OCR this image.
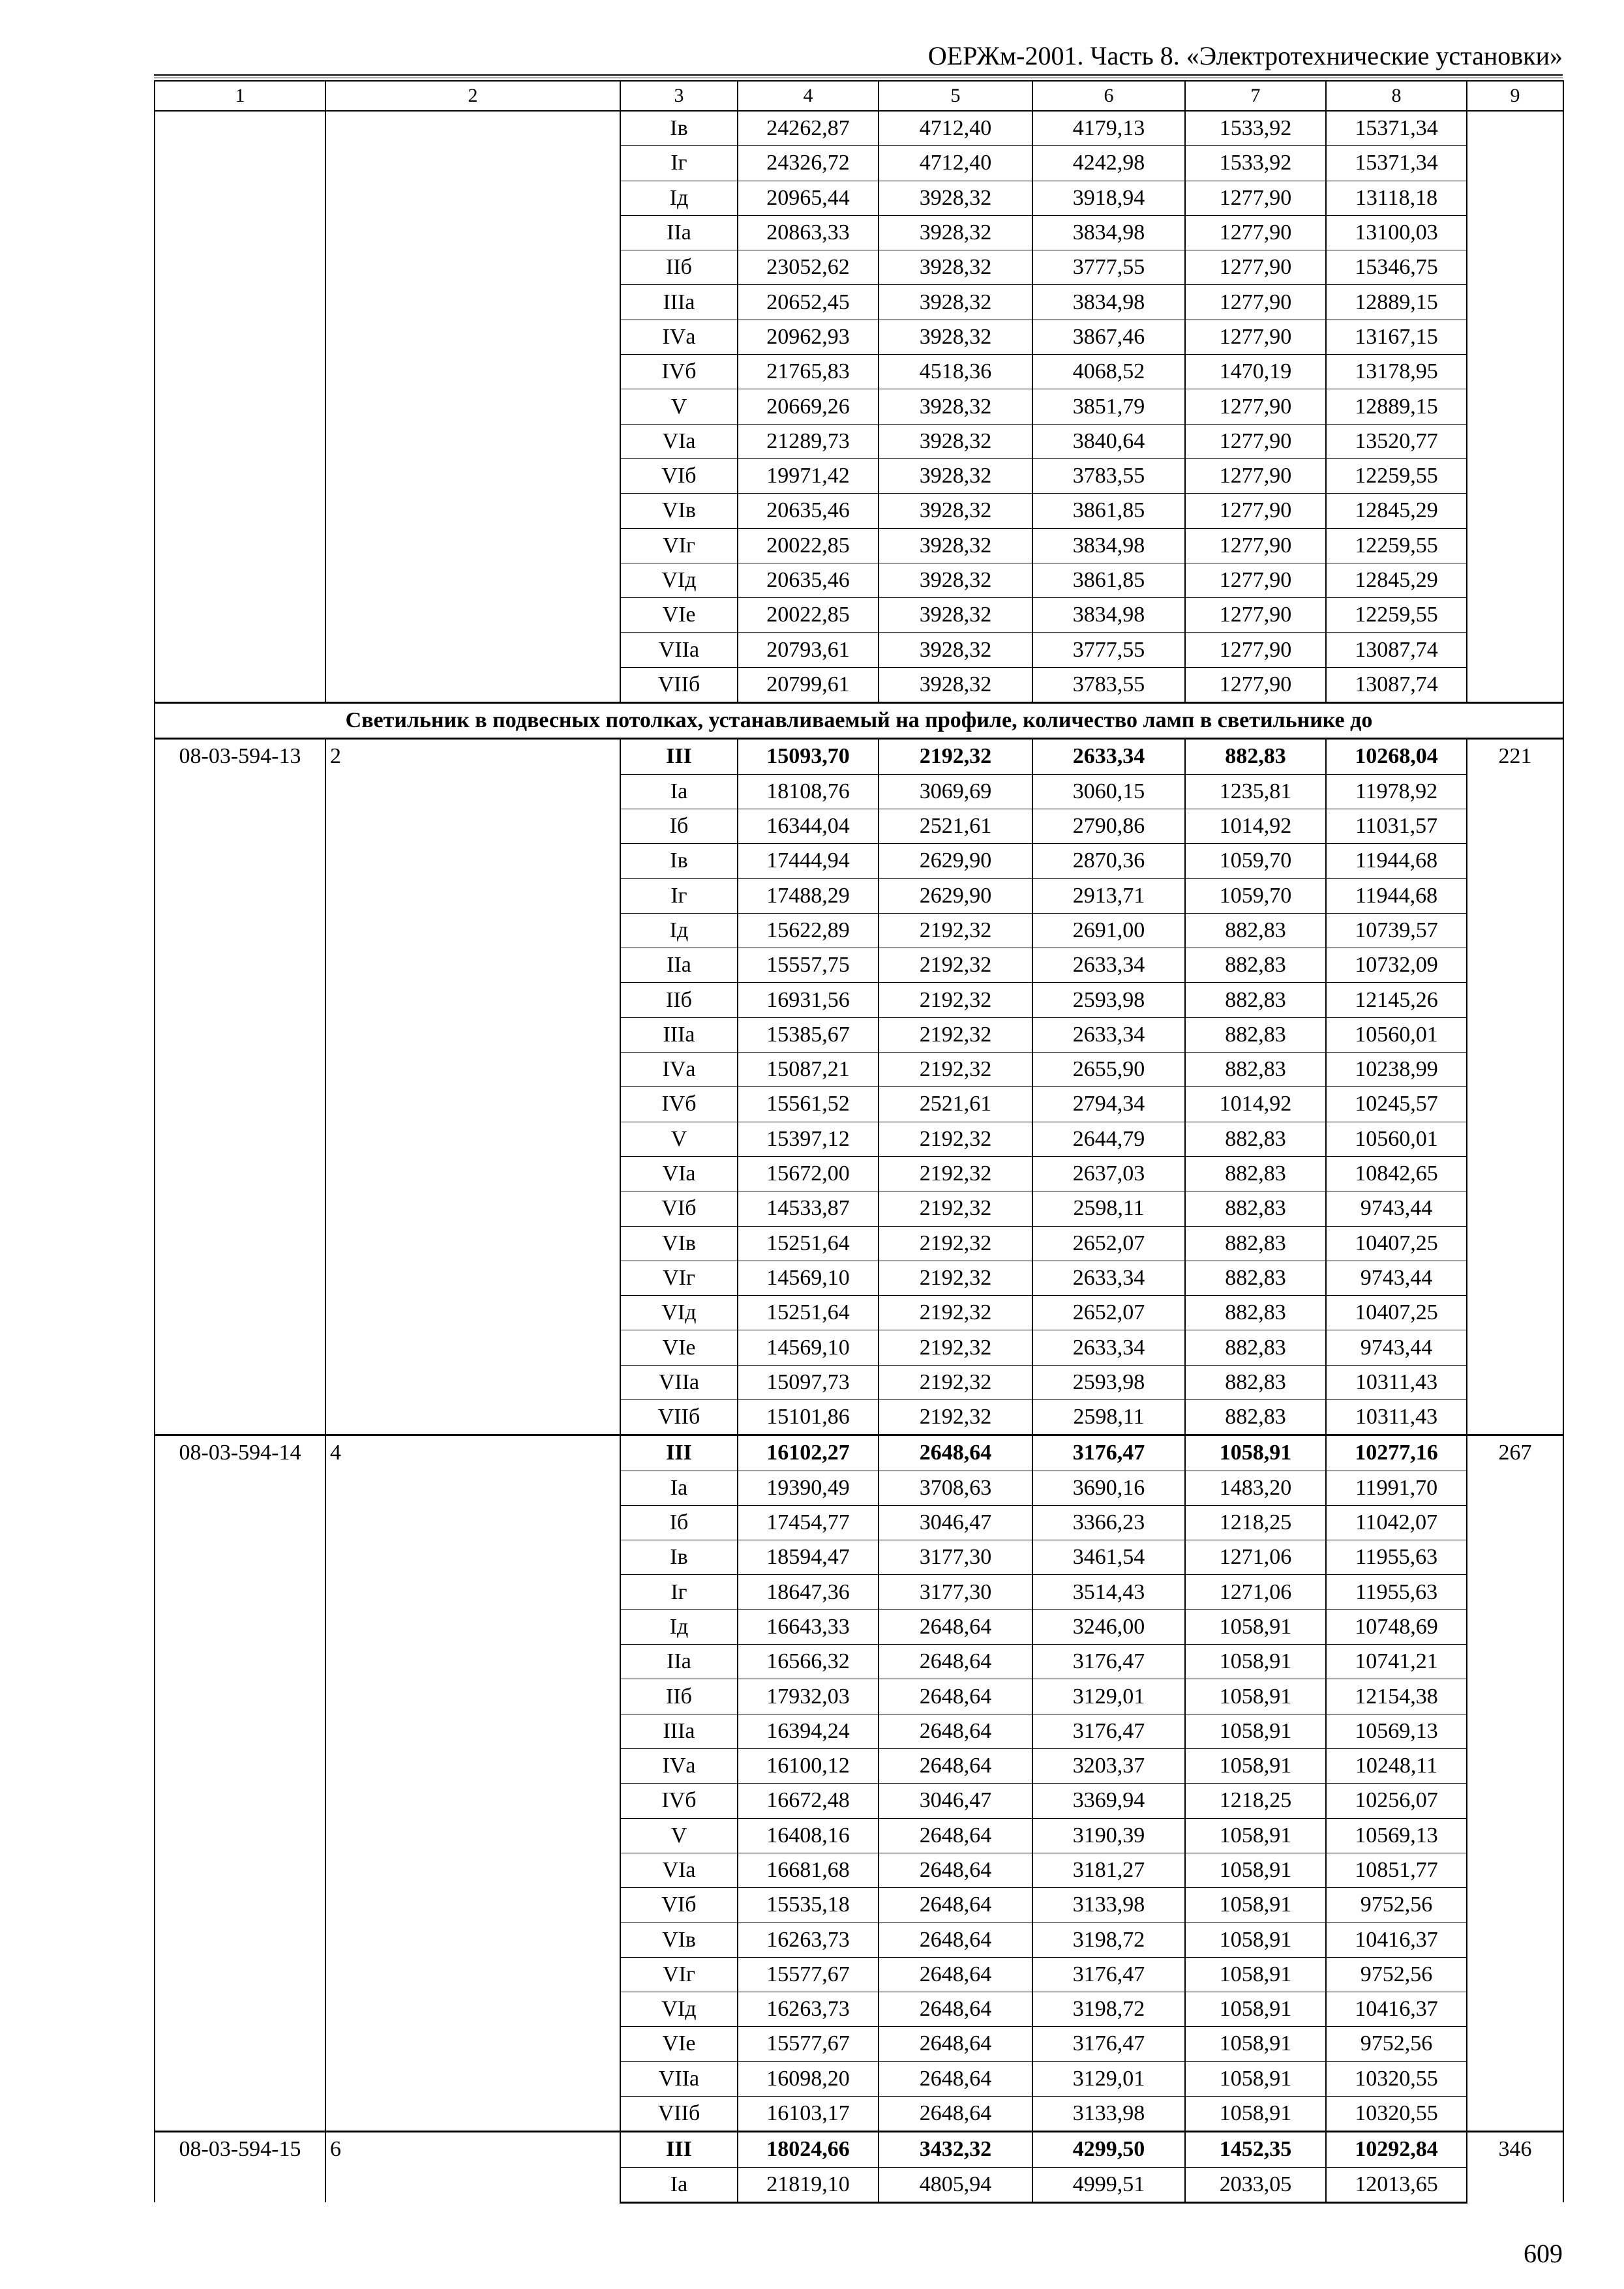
ОЕРЖм-2001. Часть 8. «Электротехнические установки»
1	2	3	4	5	6	7	8	9
		Iв	24262,87	4712,40	4179,13	1533,92	15371,34	
		Iг	24326,72	4712,40	4242,98	1533,92	15371,34	
		Iд	20965,44	3928,32	3918,94	1277,90	13118,18	
		IIа	20863,33	3928,32	3834,98	1277,90	13100,03	
		IIб	23052,62	3928,32	3777,55	1277,90	15346,75	
		IIIа	20652,45	3928,32	3834,98	1277,90	12889,15	
		IVа	20962,93	3928,32	3867,46	1277,90	13167,15	
		IVб	21765,83	4518,36	4068,52	1470,19	13178,95	
		V	20669,26	3928,32	3851,79	1277,90	12889,15	
		VIа	21289,73	3928,32	3840,64	1277,90	13520,77	
		VIб	19971,42	3928,32	3783,55	1277,90	12259,55	
		VIв	20635,46	3928,32	3861,85	1277,90	12845,29	
		VIг	20022,85	3928,32	3834,98	1277,90	12259,55	
		VIд	20635,46	3928,32	3861,85	1277,90	12845,29	
		VIе	20022,85	3928,32	3834,98	1277,90	12259,55	
		VIIа	20793,61	3928,32	3777,55	1277,90	13087,74	
		VIIб	20799,61	3928,32	3783,55	1277,90	13087,74	
Светильник в подвесных потолках, устанавливаемый на профиле, количество ламп в светильнике до								
08-03-594-13	2	III	15093,70	2192,32	2633,34	882,83	10268,04	221
		Iа	18108,76	3069,69	3060,15	1235,81	11978,92	
		Iб	16344,04	2521,61	2790,86	1014,92	11031,57	
		Iв	17444,94	2629,90	2870,36	1059,70	11944,68	
		Iг	17488,29	2629,90	2913,71	1059,70	11944,68	
		Iд	15622,89	2192,32	2691,00	882,83	10739,57	
		IIа	15557,75	2192,32	2633,34	882,83	10732,09	
		IIб	16931,56	2192,32	2593,98	882,83	12145,26	
		IIIа	15385,67	2192,32	2633,34	882,83	10560,01	
		IVа	15087,21	2192,32	2655,90	882,83	10238,99	
		IVб	15561,52	2521,61	2794,34	1014,92	10245,57	
		V	15397,12	2192,32	2644,79	882,83	10560,01	
		VIа	15672,00	2192,32	2637,03	882,83	10842,65	
		VIб	14533,87	2192,32	2598,11	882,83	9743,44	
		VIв	15251,64	2192,32	2652,07	882,83	10407,25	
		VIг	14569,10	2192,32	2633,34	882,83	9743,44	
		VIд	15251,64	2192,32	2652,07	882,83	10407,25	
		VIе	14569,10	2192,32	2633,34	882,83	9743,44	
		VIIа	15097,73	2192,32	2593,98	882,83	10311,43	
		VIIб	15101,86	2192,32	2598,11	882,83	10311,43	
08-03-594-14	4	III	16102,27	2648,64	3176,47	1058,91	10277,16	267
		Iа	19390,49	3708,63	3690,16	1483,20	11991,70	
		Iб	17454,77	3046,47	3366,23	1218,25	11042,07	
		Iв	18594,47	3177,30	3461,54	1271,06	11955,63	
		Iг	18647,36	3177,30	3514,43	1271,06	11955,63	
		Iд	16643,33	2648,64	3246,00	1058,91	10748,69	
		IIа	16566,32	2648,64	3176,47	1058,91	10741,21	
		IIб	17932,03	2648,64	3129,01	1058,91	12154,38	
		IIIа	16394,24	2648,64	3176,47	1058,91	10569,13	
		IVа	16100,12	2648,64	3203,37	1058,91	10248,11	
		IVб	16672,48	3046,47	3369,94	1218,25	10256,07	
		V	16408,16	2648,64	3190,39	1058,91	10569,13	
		VIа	16681,68	2648,64	3181,27	1058,91	10851,77	
		VIб	15535,18	2648,64	3133,98	1058,91	9752,56	
		VIв	16263,73	2648,64	3198,72	1058,91	10416,37	
		VIг	15577,67	2648,64	3176,47	1058,91	9752,56	
		VIд	16263,73	2648,64	3198,72	1058,91	10416,37	
		VIе	15577,67	2648,64	3176,47	1058,91	9752,56	
		VIIа	16098,20	2648,64	3129,01	1058,91	10320,55	
		VIIб	16103,17	2648,64	3133,98	1058,91	10320,55	
08-03-594-15	6	III	18024,66	3432,32	4299,50	1452,35	10292,84	346
		Iа	21819,10	4805,94	4999,51	2033,05	12013,65	
609
